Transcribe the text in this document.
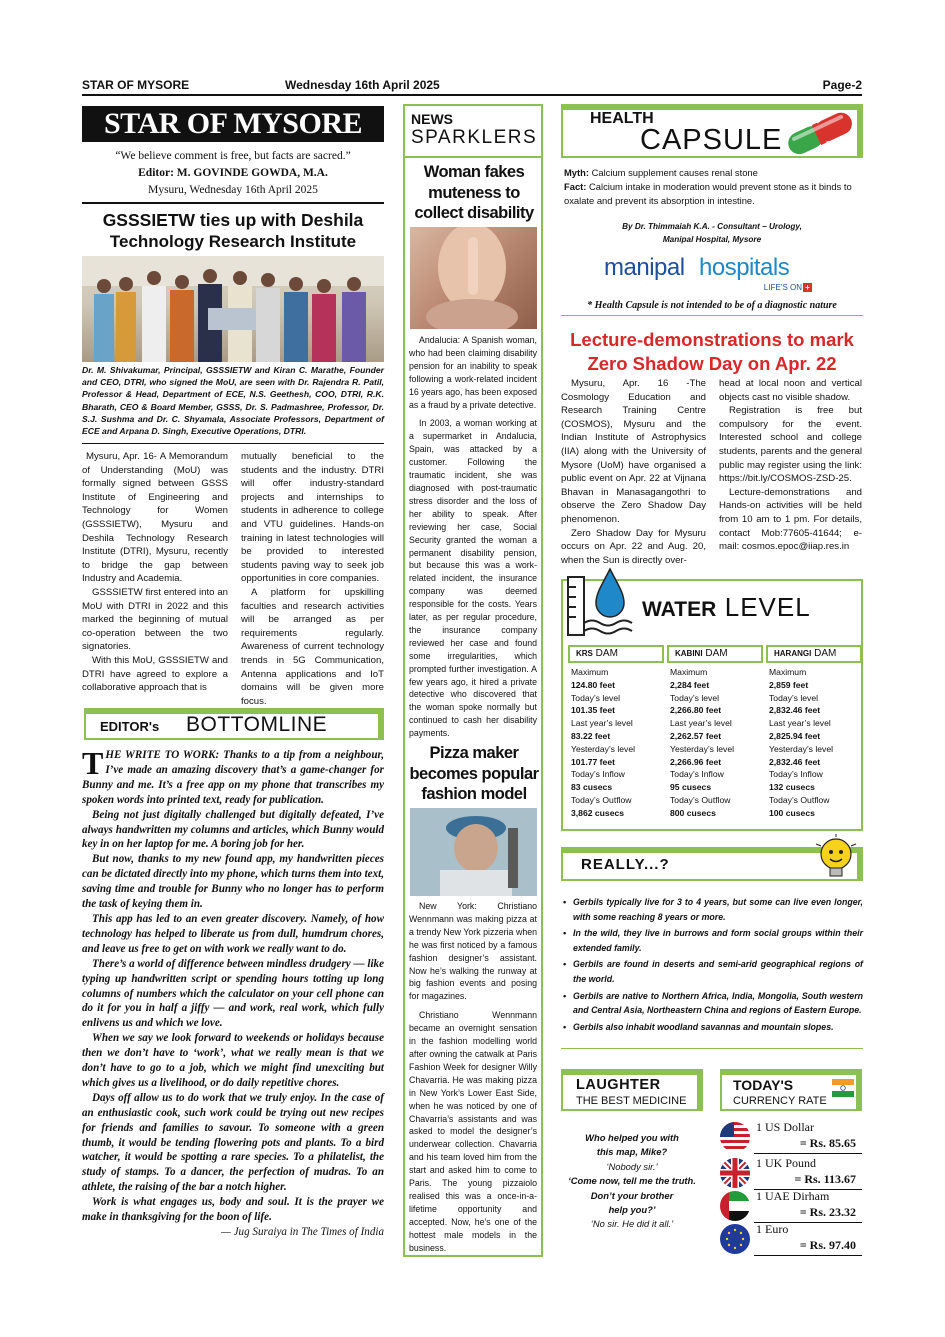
STAR OF MYSORE	Wednesday 16th April 2025	Page-2
STAR OF MYSORE
“We believe comment is free, but facts are sacred.”
Editor: M. GOVINDE GOWDA, M.A.
Mysuru, Wednesday 16th April 2025
GSSSIETW ties up with Deshila
Technology Research Institute
Dr. M. Shivakumar, Principal, GSSSIETW and Kiran C. Marathe, Founder and CEO, DTRI, who signed the MoU, are seen with Dr. Rajendra R. Patil, Professor & Head, Department of ECE, N.S. Geethesh, COO, DTRI, R.K. Bharath, CEO & Board Member, GSSS, Dr. S. Padmashree, Professor, Dr. S.J. Sushma and Dr. C. Shyamala, Associate Professors, Department of ECE and Arpana D. Singh, Executive Operations, DTRI.

Mysuru, Apr. 16- A Memorandum of Understanding (MoU) was formally signed between GSSS Institute of Engineering and Technology for Women (GSSSIETW), Mysuru and Deshila Technology Research Institute (DTRI), Mysuru, recently to bridge the gap between Industry and Academia.

GSSSIETW first entered into an MoU with DTRI in 2022 and this marked the beginning of mutual co-operation between the two signatories.

With this MoU, GSSSIETW and DTRI have agreed to explore a collaborative approach that is

mutually beneficial to the students and the industry. DTRI will offer industry-standard projects and internships to students in adherence to college and VTU guidelines. Hands-on training in latest technologies will be provided to interested students paving way to seek job opportunities in core companies.

A platform for upskilling faculties and research activities will be arranged as per requirements regularly. Awareness of current technology trends in 5G Communication, Antenna applications and IoT domains will be given more focus.

EDITOR's BOTTOMLINE

THE WRITE TO WORK: Thanks to a tip from a neighbour, I’ve made an amazing discovery that’s a game-changer for Bunny and me. It’s a free app on my phone that transcribes my spoken words into printed text, ready for publication.

Being not just digitally challenged but digitally defeated, I’ve always handwritten my columns and articles, which Bunny would key in on her laptop for me. A boring job for her.

But now, thanks to my new found app, my handwritten pieces can be dictated directly into my phone, which turns them into text, saving time and trouble for Bunny who no longer has to perform the task of keying them in.

This app has led to an even greater discovery. Namely, of how technology has helped to liberate us from dull, humdrum chores, and leave us free to get on with work we really want to do.

There’s a world of difference between mindless drudgery — like typing up handwritten script or spending hours totting up long columns of numbers which the calculator on your cell phone can do it for you in half a jiffy — and work, real work, which fully enlivens us and which we love.

When we say we look forward to weekends or holidays because then we don’t have to ‘work’, what we really mean is that we don’t have to go to a job, which we might find unexciting but which gives us a livelihood, or do daily repetitive chores.

Days off allow us to do work that we truly enjoy. In the case of an enthusiastic cook, such work could be trying out new recipes for friends and families to savour. To someone with a green thumb, it would be tending flowering pots and plants. To a bird watcher, it would be spotting a rare species. To a philatelist, the study of stamps. To a dancer, the perfection of mudras. To an athlete, the raising of the bar a notch higher.

Work is what engages us, body and soul. It is the prayer we make in thanksgiving for the boon of life.

— Jug Suraiya in The Times of India

NEWS
SPARKLERS
Woman fakes muteness to collect disability

Andalucia: A Spanish woman, who had been claiming disability pension for an inability to speak following a work-related incident 16 years ago, has been exposed as a fraud by a private detective.

In 2003, a woman working at a supermarket in Andalucia, Spain, was attacked by a customer. Following the traumatic incident, she was diagnosed with post-traumatic stress disorder and the loss of her ability to speak. After reviewing her case, Social Security granted the woman a permanent disability pension, but because this was a work-related incident, the insurance company was deemed responsible for the costs. Years later, as per regular procedure, the insurance company reviewed her case and found some irregularities, which prompted further investigation. A few years ago, it hired a private detective who discovered that the woman spoke normally but continued to cash her disability payments.

Pizza maker becomes popular fashion model

New York: Christiano Wennmann was making pizza at a trendy New York pizzeria when he was first noticed by a famous fashion designer’s assistant. Now he’s walking the runway at big fashion events and posing for magazines.

Christiano Wennmann became an overnight sensation in the fashion modelling world after owning the catwalk at Paris Fashion Week for designer Willy Chavarria. He was making pizza in New York’s Lower East Side, when he was noticed by one of Chavarria’s assistants and was asked to model the designer’s underwear collection. Chavarria and his team loved him from the start and asked him to come to Paris. The young pizzaiolo realised this was a once-in-a-lifetime opportunity and accepted. Now, he’s one of the hottest male models in the business.

HEALTH
CAPSULE
Myth: Calcium supplement causes renal stone
Fact: Calcium intake in moderation would prevent stone as it binds to oxalate and prevent its absorption in intestine.
By Dr. Thimmaiah K.A. - Consultant – Urology,
Manipal Hospital, Mysore
manipal hospitals
LIFE’S ON +
* Health Capsule is not intended to be of a diagnostic nature
Lecture-demonstrations to mark
Zero Shadow Day on Apr. 22

Mysuru, Apr. 16 -The Cosmology Education and Research Training Centre (COSMOS), Mysuru and the Indian Institute of Astrophysics (IIA) along with the University of Mysore (UoM) have organised a public event on Apr. 22 at Vijnana Bhavan in Manasagangothri to observe the Zero Shadow Day phenomenon.

Zero Shadow Day for Mysuru occurs on Apr. 22 and Aug. 20, when the Sun is directly over-

head at local noon and vertical objects cast no visible shadow.

Registration is free but compulsory for the event. Interested school and college students, parents and the general public may register using the link: https://bit.ly/COSMOS-ZSD-25.

Lecture-demonstrations and Hands-on activities will be held from 10 am to 1 pm. For details, contact Mob:77605-41644; e-mail: cosmos.epoc@iiap.res.in

WATER LEVEL
KRS DAM
Maximum
124.80 feet
Today’s level
101.35 feet
Last year’s level
83.22 feet
Yesterday’s level
101.77 feet
Today’s Inflow
83 cusecs
Today’s Outflow
3,862 cusecs
KABINI DAM
Maximum
2,284 feet
Today’s level
2,266.80 feet
Last year’s level
2,262.57 feet
Yesterday’s level
2,266.96 feet
Today’s Inflow
95 cusecs
Today’s Outflow
800 cusecs
HARANGI DAM
Maximum
2,859 feet
Today’s level
2,832.46 feet
Last year’s level
2,825.94 feet
Yesterday’s level
2,832.46 feet
Today’s Inflow
132 cusecs
Today’s Outflow
100 cusecs
REALLY...?
• Gerbils typically live for 3 to 4 years, but some can live even longer, with some reaching 8 years or more.
• In the wild, they live in burrows and form social groups within their extended family.
• Gerbils are found in deserts and semi-arid geographical regions of the world.
• Gerbils are native to Northern Africa, India, Mongolia, South western and Central Asia, Northeastern China and regions of Eastern Europe.
• Gerbils also inhabit woodland savannas and mountain slopes.
LAUGHTER
THE BEST MEDICINE
Who helped you with
this map, Mike?
‘Nobody sir.’
‘Come now, tell me the truth.
Don’t your brother
help you?’
‘No sir. He did it all.’
TODAY'S
CURRENCY RATE
1 US Dollar
= Rs. 85.65
1 UK Pound
= Rs. 113.67
1 UAE Dirham
= Rs. 23.32
1 Euro
= Rs. 97.40
